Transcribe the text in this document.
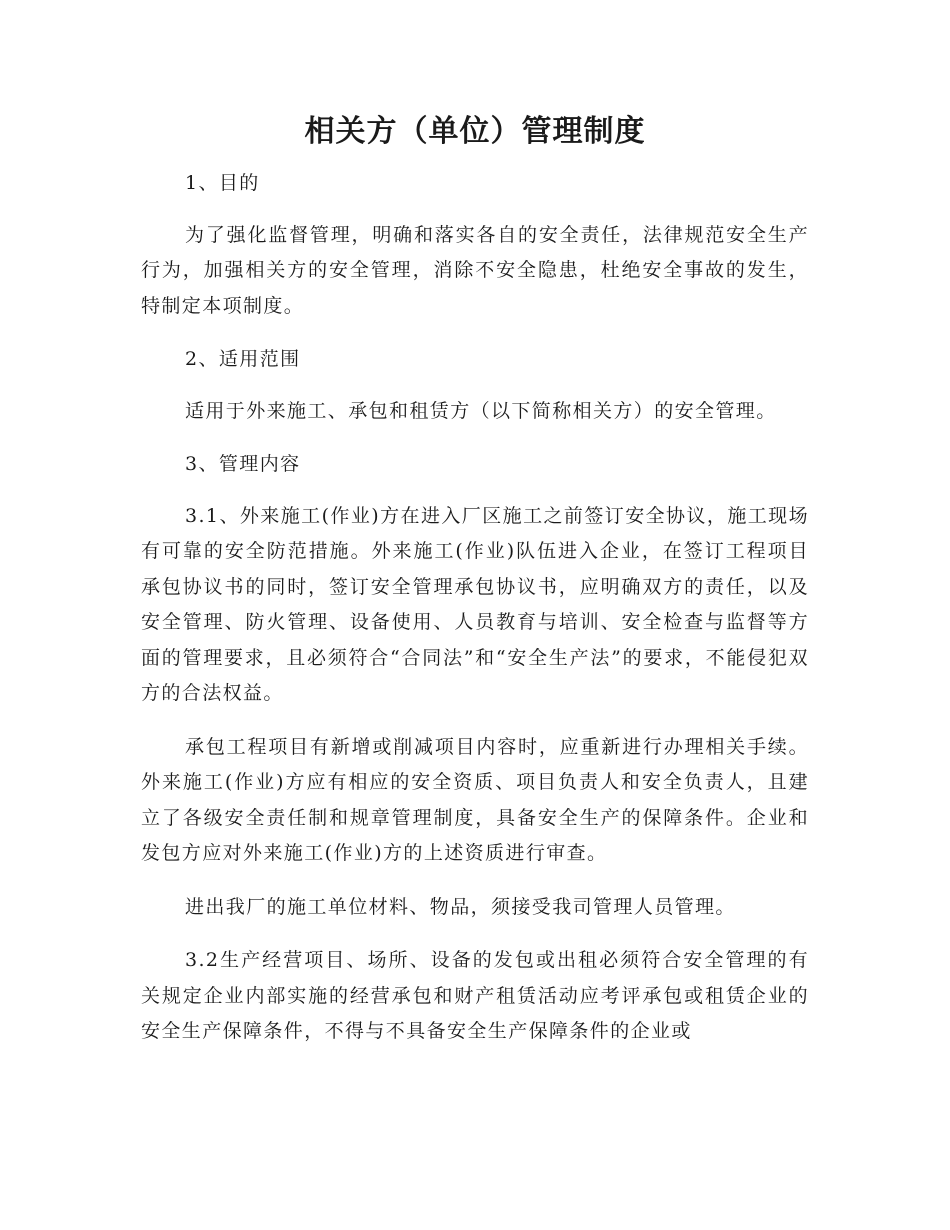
相关方（单位）管理制度

1、目的

为了强化监督管理，明确和落实各自的安全责任，法律规范安全生产行为，加强相关方的安全管理，消除不安全隐患，杜绝安全事故的发生，特制定本项制度。

2、适用范围

适用于外来施工、承包和租赁方（以下简称相关方）的安全管理。

3、管理内容

3.1、外来施工(作业)方在进入厂区施工之前签订安全协议，施工现场有可靠的安全防范措施。外来施工(作业)队伍进入企业，在签订工程项目承包协议书的同时，签订安全管理承包协议书，应明确双方的责任，以及安全管理、防火管理、设备使用、人员教育与培训、安全检查与监督等方面的管理要求，且必须符合“合同法”和“安全生产法”的要求，不能侵犯双方的合法权益。

承包工程项目有新增或削减项目内容时，应重新进行办理相关手续。外来施工(作业)方应有相应的安全资质、项目负责人和安全负责人，且建立了各级安全责任制和规章管理制度，具备安全生产的保障条件。企业和发包方应对外来施工(作业)方的上述资质进行审查。

进出我厂的施工单位材料、物品，须接受我司管理人员管理。

3.2生产经营项目、场所、设备的发包或出租必须符合安全管理的有关规定企业内部实施的经营承包和财产租赁活动应考评承包或租赁企业的安全生产保障条件，不得与不具备安全生产保障条件的企业或
